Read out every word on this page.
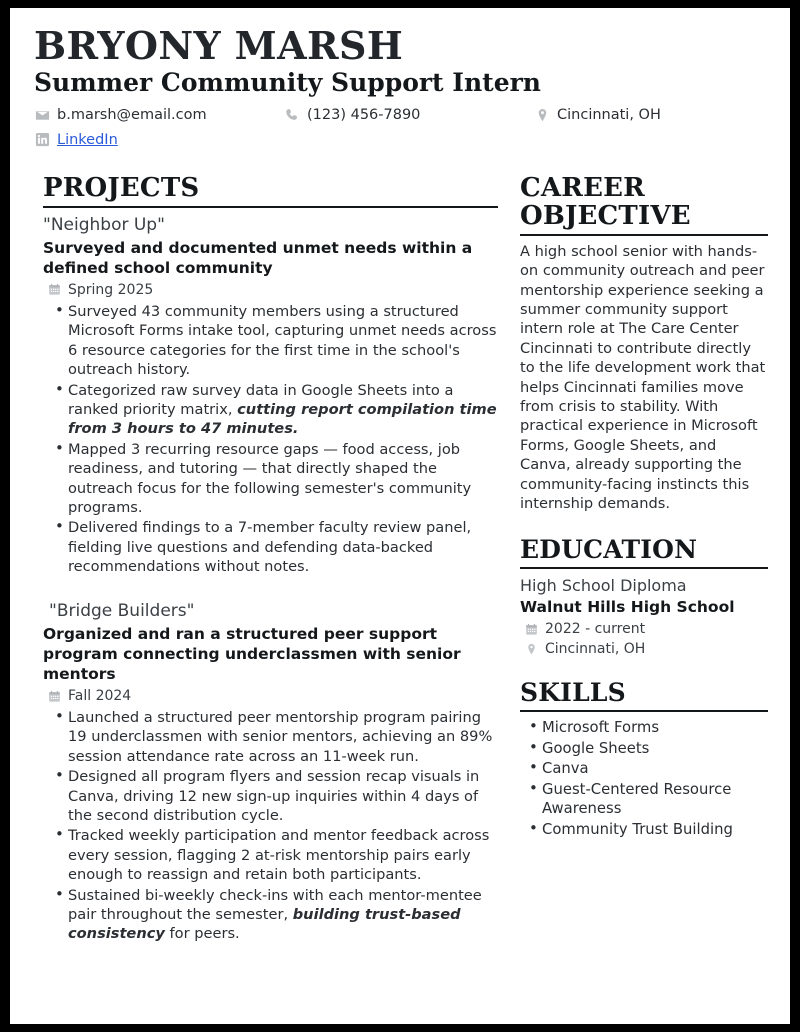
BRYONY MARSH
Summer Community Support Intern
b.marsh@email.com	(123) 456-7890	Cincinnati, OH
LinkedIn
PROJECTS
"Neighbor Up"
Surveyed and documented unmet needs within a defined school community
Spring 2025
• Surveyed 43 community members using a structured Microsoft Forms intake tool, capturing unmet needs across 6 resource categories for the first time in the school's outreach history.
• Categorized raw survey data in Google Sheets into a ranked priority matrix, cutting report compilation time from 3 hours to 47 minutes.
• Mapped 3 recurring resource gaps — food access, job readiness, and tutoring — that directly shaped the outreach focus for the following semester's community programs.
• Delivered findings to a 7-member faculty review panel, fielding live questions and defending data-backed recommendations without notes.
"Bridge Builders"
Organized and ran a structured peer support program connecting underclassmen with senior mentors
Fall 2024
• Launched a structured peer mentorship program pairing 19 underclassmen with senior mentors, achieving an 89% session attendance rate across an 11-week run.
• Designed all program flyers and session recap visuals in Canva, driving 12 new sign-up inquiries within 4 days of the second distribution cycle.
• Tracked weekly participation and mentor feedback across every session, flagging 2 at-risk mentorship pairs early enough to reassign and retain both participants.
• Sustained bi-weekly check-ins with each mentor-mentee pair throughout the semester, building trust-based consistency for peers.
CAREER OBJECTIVE
A high school senior with hands-on community outreach and peer mentorship experience seeking a summer community support intern role at The Care Center Cincinnati to contribute directly to the life development work that helps Cincinnati families move from crisis to stability. With practical experience in Microsoft Forms, Google Sheets, and Canva, already supporting the community-facing instincts this internship demands.
EDUCATION
High School Diploma
Walnut Hills High School
2022 - current
Cincinnati, OH
SKILLS
• Microsoft Forms
• Google Sheets
• Canva
• Guest-Centered Resource Awareness
• Community Trust Building
